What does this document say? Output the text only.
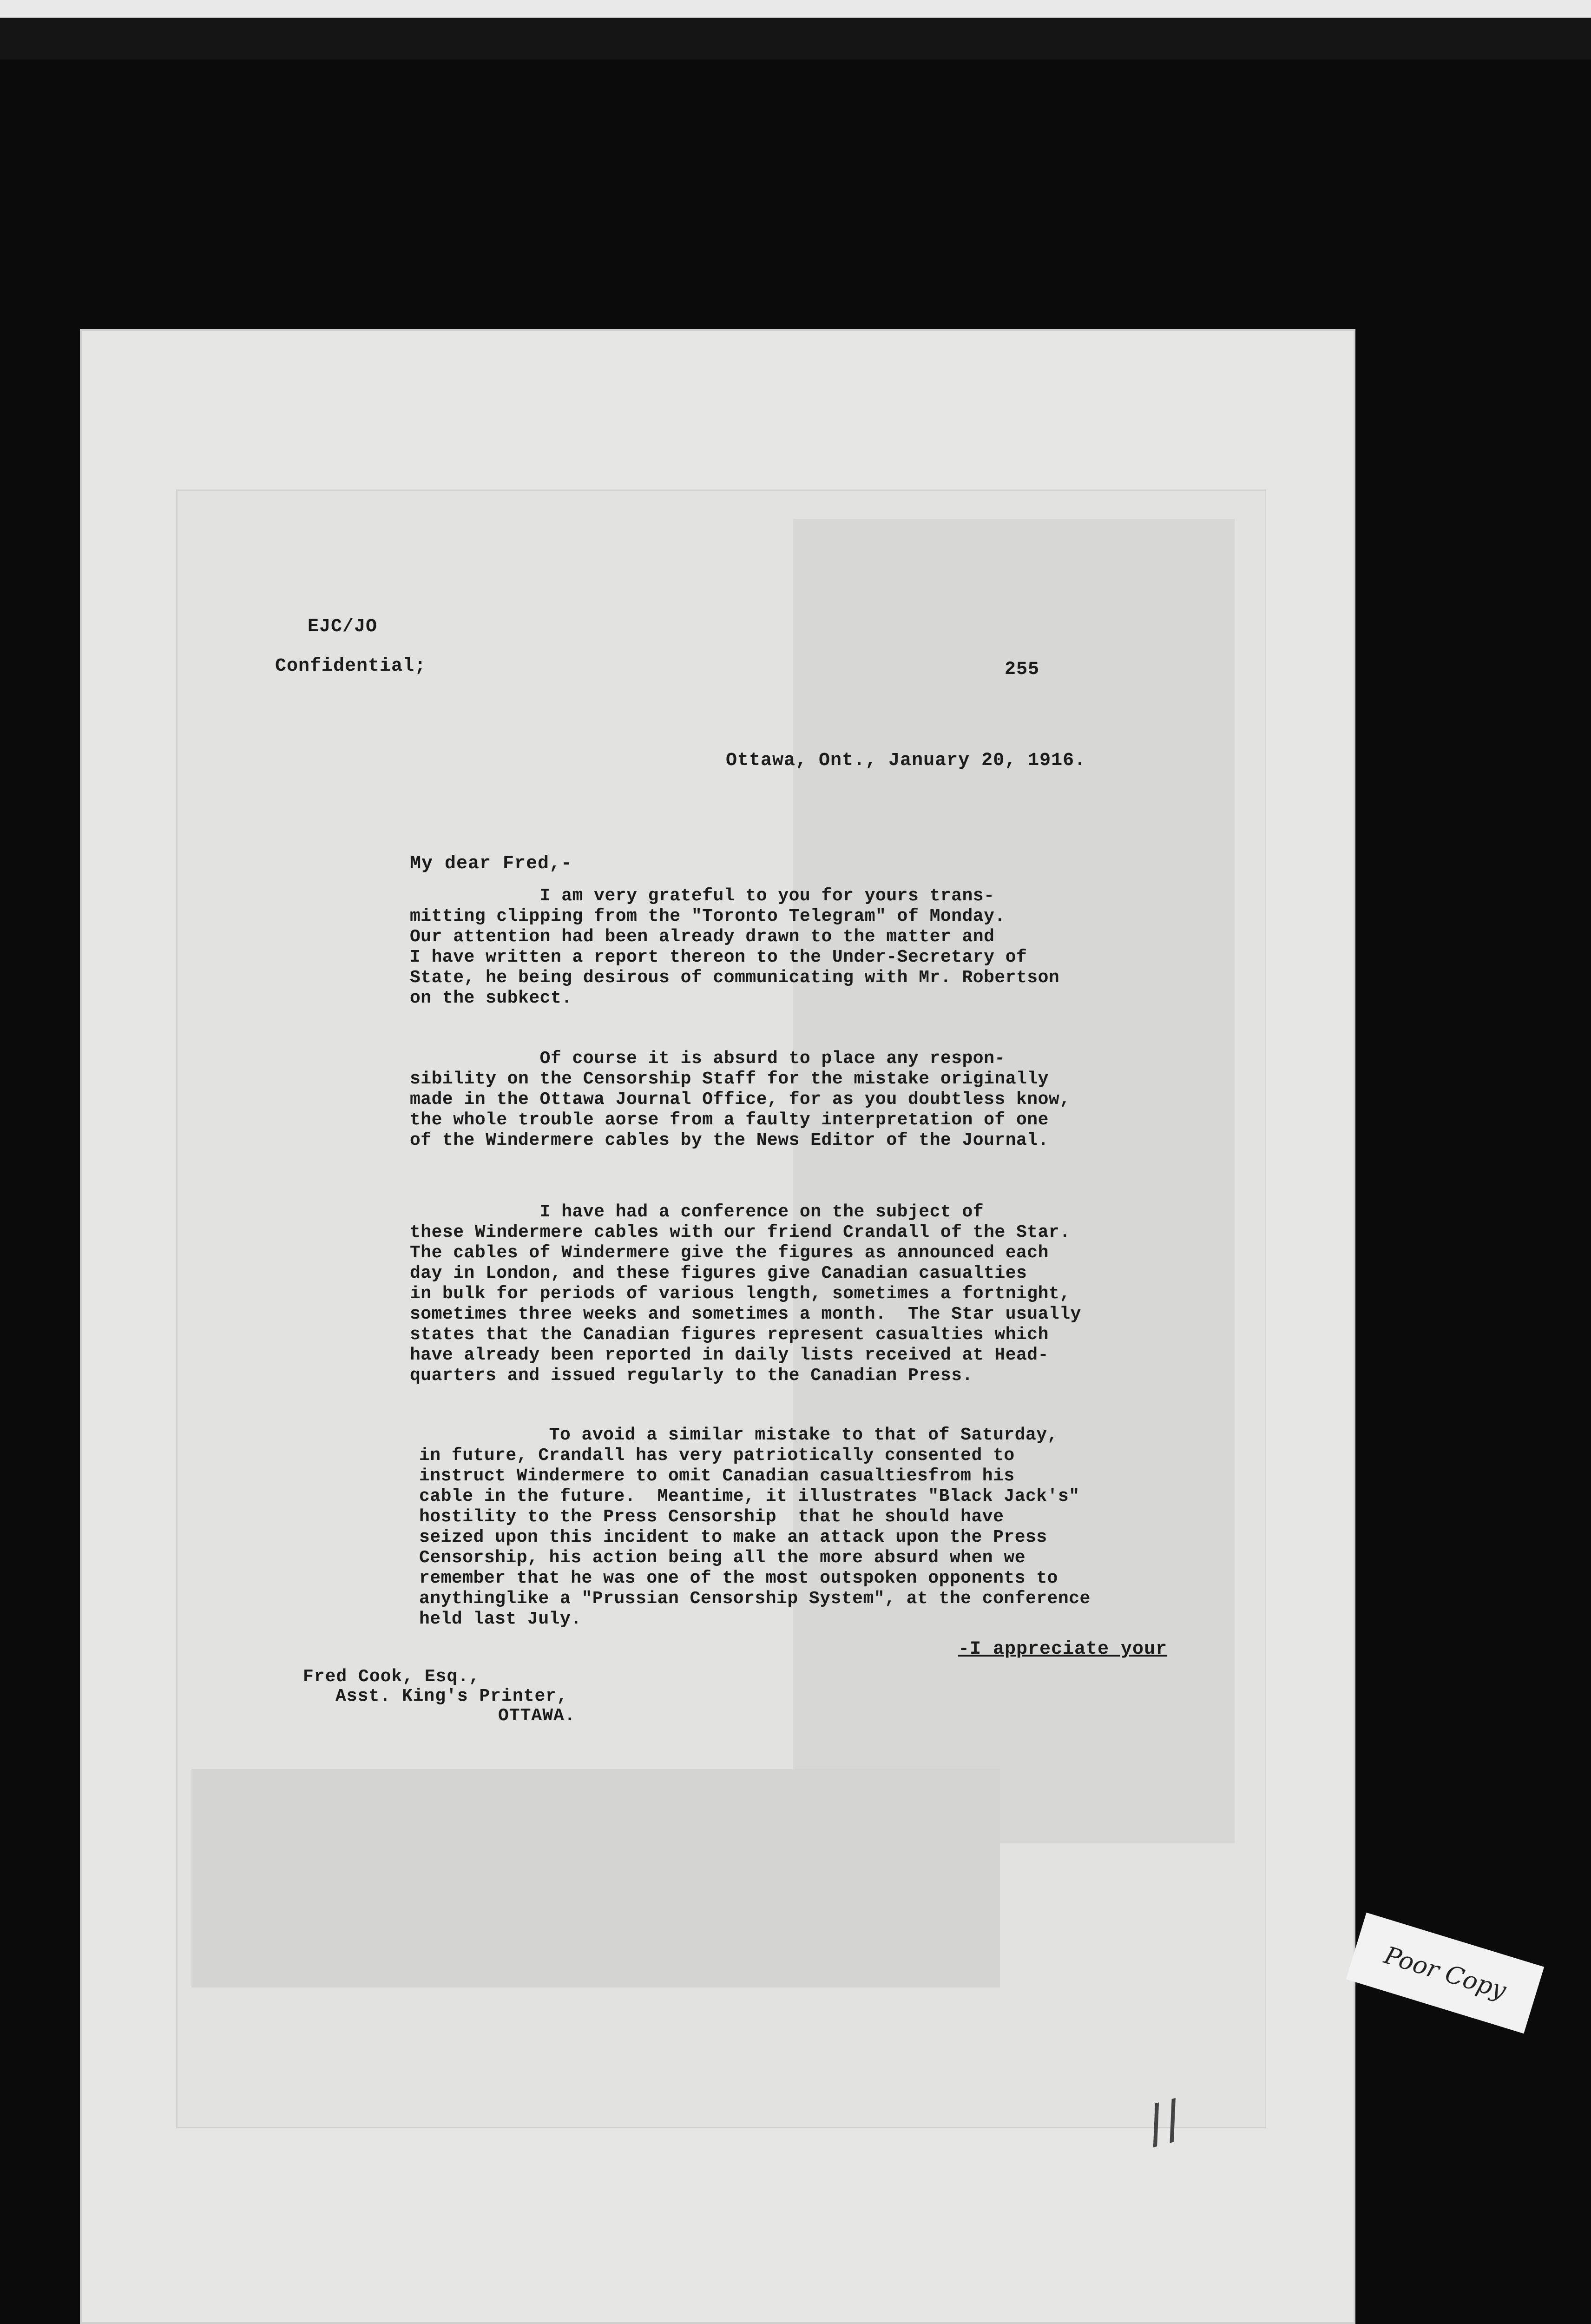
EJC/JO
Confidential;	255
Ottawa, Ont., January 20, 1916.
My dear Fred,-
I am very grateful to you for yours trans-
mitting clipping from the "Toronto Telegram" of Monday.
Our attention had been already drawn to the matter and
I have written a report thereon to the Under-Secretary of
State, he being desirous of communicating with Mr. Robertson
on the subkect.
Of course it is absurd to place any respon-
sibility on the Censorship Staff for the mistake originally
made in the Ottawa Journal Office, for as you doubtless know,
the whole trouble aorse from a faulty interpretation of one
of the Windermere cables by the News Editor of the Journal.
I have had a conference on the subject of
these Windermere cables with our friend Crandall of the Star.
The cables of Windermere give the figures as announced each
day in London, and these figures give Canadian casualties
in bulk for periods of various length, sometimes a fortnight,
sometimes three weeks and sometimes a month.  The Star usually
states that the Canadian figures represent casualties which
have already been reported in daily lists received at Head-
quarters and issued regularly to the Canadian Press.
To avoid a similar mistake to that of Saturday,
in future, Crandall has very patriotically consented to
instruct Windermere to omit Canadian casualtiesfrom his
cable in the future.  Meantime, it illustrates "Black Jack's"
hostility to the Press Censorship  that he should have
seized upon this incident to make an attack upon the Press
Censorship, his action being all the more absurd when we
remember that he was one of the most outspoken opponents to
anythinglike a "Prussian Censorship System", at the conference
held last July.
-I appreciate your
Fred Cook, Esq.,
Asst. King's Printer,
OTTAWA.
Poor Copy
//
